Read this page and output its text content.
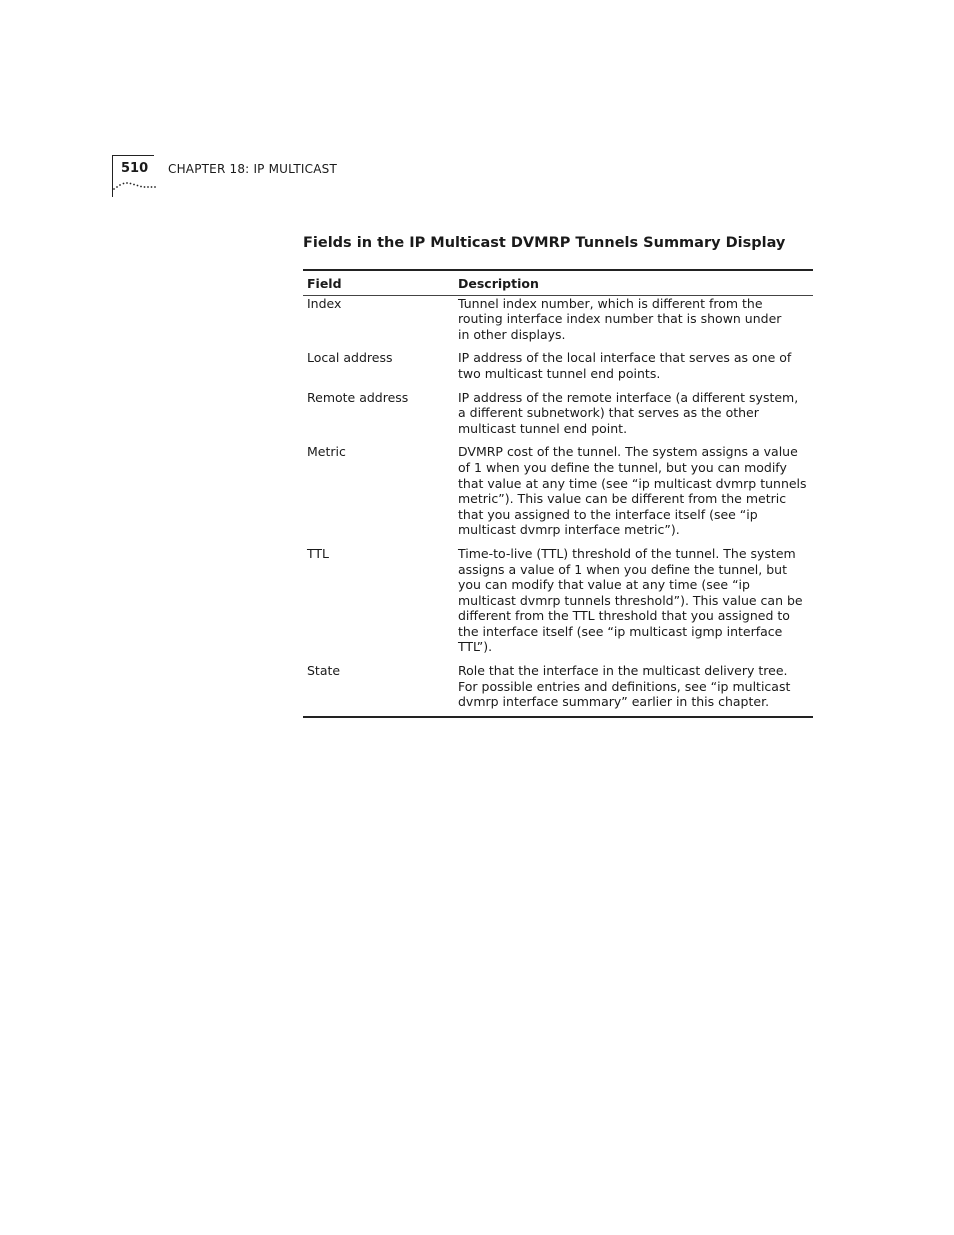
510 CHAPTER 18: IP MULTICAST
Fields in the IP Multicast DVMRP Tunnels Summary Display
Field	Description
Index	Tunnel index number, which is different from the routing interface index number that is shown under            in other displays.
Local address	IP address of the local interface that serves as one of two multicast tunnel end points.
Remote address	IP address of the remote interface (a different system, a different subnetwork) that serves as the other multicast tunnel end point.
Metric	DVMRP cost of the tunnel. The system assigns a value of 1 when you define the tunnel, but you can modify that value at any time (see “ip multicast dvmrp tunnels metric”). This value can be different from the metric that you assigned to the interface itself (see “ip multicast dvmrp interface metric”).
TTL	Time-to-live (TTL) threshold of the tunnel. The system assigns a value of 1 when you define the tunnel, but you can modify that value at any time (see “ip multicast dvmrp tunnels threshold”). This value can be different from the TTL threshold that you assigned to the interface itself (see “ip multicast igmp interface TTL”).
State	Role that the interface in the multicast delivery tree. For possible entries and definitions, see “ip multicast dvmrp interface summary” earlier in this chapter.
